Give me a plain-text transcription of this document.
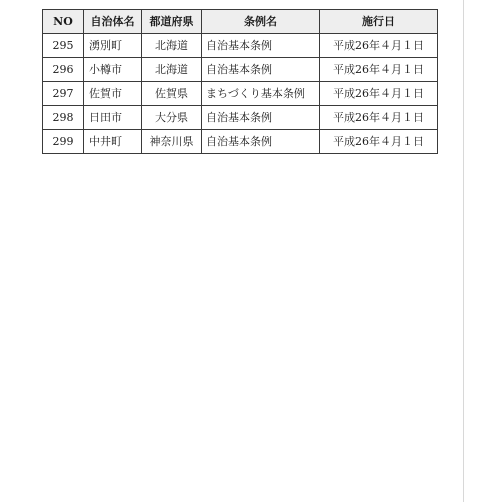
NO	自治体名	都道府県	条例名	施行日
295	湧別町	北海道	自治基本条例	平成26年４月１日
296	小樽市	北海道	自治基本条例	平成26年４月１日
297	佐賀市	佐賀県	まちづくり基本条例	平成26年４月１日
298	日田市	大分県	自治基本条例	平成26年４月１日
299	中井町	神奈川県	自治基本条例	平成26年４月１日
